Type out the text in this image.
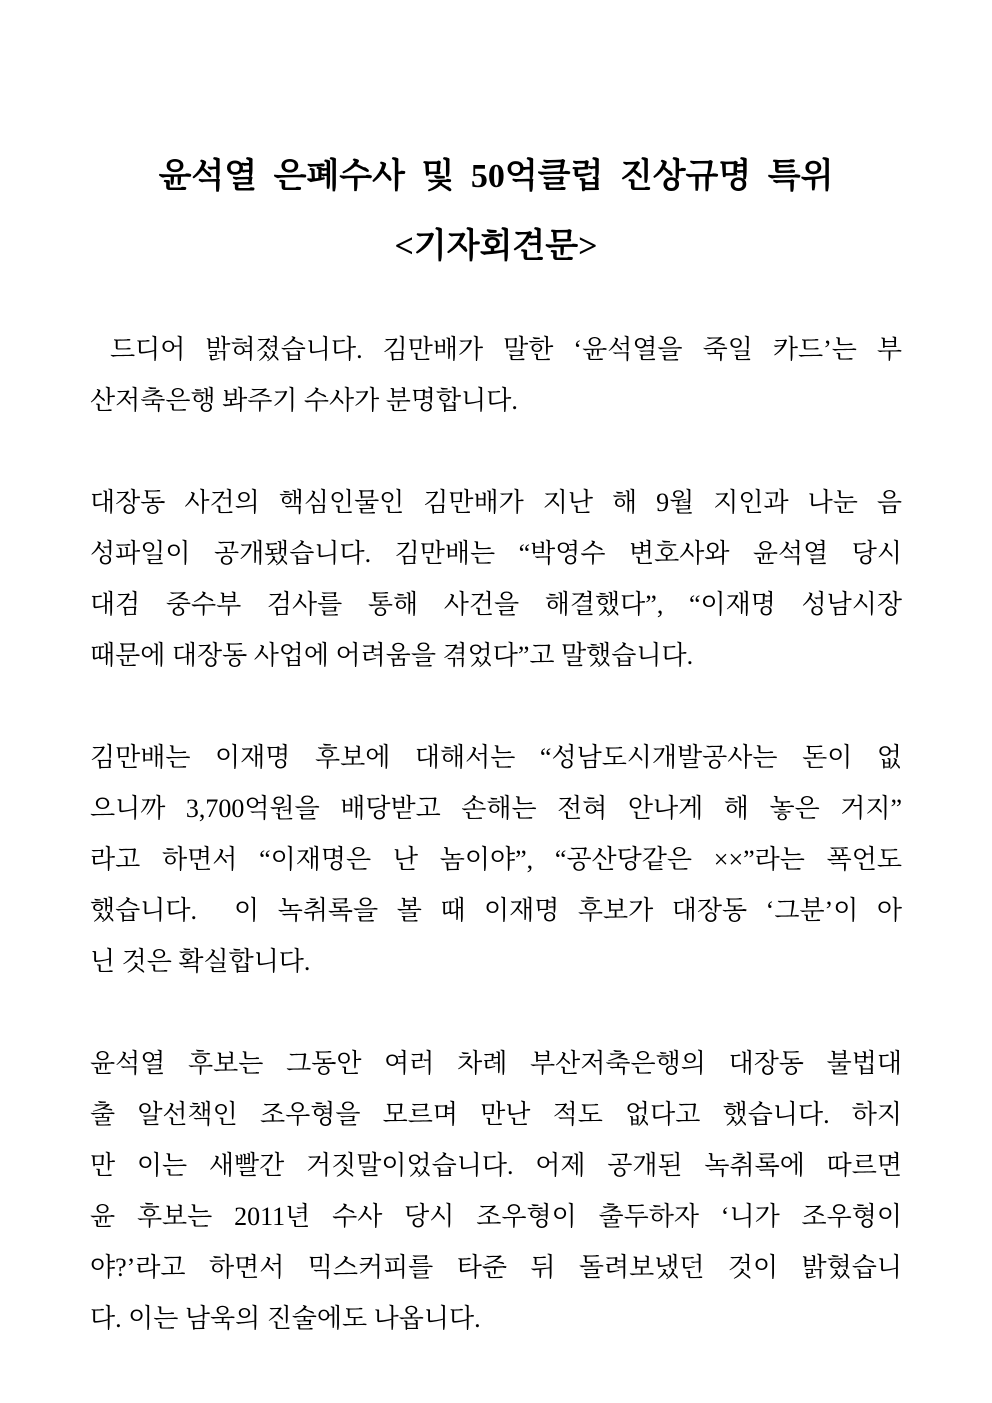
윤석열 은폐수사 및 50억클럽 진상규명 특위
<기자회견문>
드디어 밝혀졌습니다. 김만배가 말한 ‘윤석열을 죽일 카드’는 부
산저축은행 봐주기 수사가 분명합니다.
대장동 사건의 핵심인물인 김만배가 지난 해 9월 지인과 나눈 음
성파일이 공개됐습니다. 김만배는 “박영수 변호사와 윤석열 당시
대검 중수부 검사를 통해 사건을 해결했다”, “이재명 성남시장
때문에 대장동 사업에 어려움을 겪었다”고 말했습니다.
김만배는 이재명 후보에 대해서는 “성남도시개발공사는 돈이 없
으니까 3,700억원을 배당받고 손해는 전혀 안나게 해 놓은 거지”
라고 하면서 “이재명은 난 놈이야”, “공산당같은 ××”라는 폭언도
했습니다.  이 녹취록을 볼 때 이재명 후보가 대장동 ‘그분’이 아
닌 것은 확실합니다.
윤석열 후보는 그동안 여러 차례 부산저축은행의 대장동 불법대
출 알선책인 조우형을 모르며 만난 적도 없다고 했습니다. 하지
만 이는 새빨간 거짓말이었습니다. 어제 공개된 녹취록에 따르면
윤 후보는 2011년 수사 당시 조우형이 출두하자 ‘니가 조우형이
야?’라고 하면서 믹스커피를 타준 뒤 돌려보냈던 것이 밝혔습니
다. 이는 남욱의 진술에도 나옵니다.
